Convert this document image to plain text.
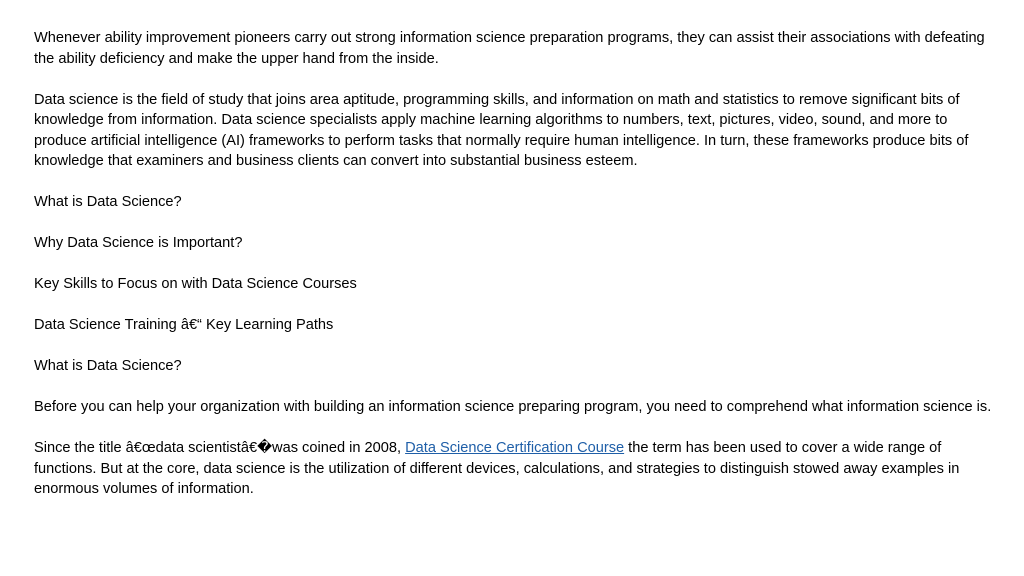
Whenever ability improvement pioneers carry out strong information science preparation programs, they can assist their associations with defeating the ability deficiency and make the upper hand from the inside.

Data science is the field of study that joins area aptitude, programming skills, and information on math and statistics to remove significant bits of knowledge from information. Data science specialists apply machine learning algorithms to numbers, text, pictures, video, sound, and more to produce artificial intelligence (AI) frameworks to perform tasks that normally require human intelligence. In turn, these frameworks produce bits of knowledge that examiners and business clients can convert into substantial business esteem.

What is Data Science?

Why Data Science is Important?

Key Skills to Focus on with Data Science Courses

Data Science Training â€“ Key Learning Paths

What is Data Science?

Before you can help your organization with building an information science preparing program, you need to comprehend what information science is.

Since the title â€œdata scientistâ€�was coined in 2008, Data Science Certification Course the term has been used to cover a wide range of functions. But at the core, data science is the utilization of different devices, calculations, and strategies to distinguish stowed away examples in enormous volumes of information.
